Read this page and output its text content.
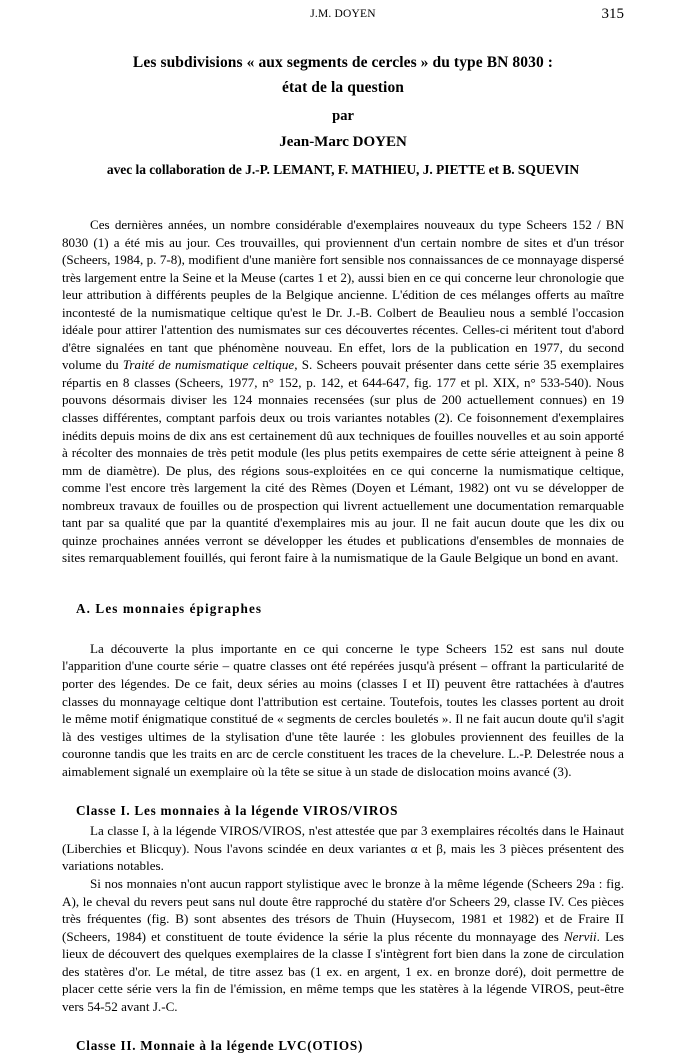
J.M. DOYEN	315
Les subdivisions « aux segments de cercles » du type BN 8030 :
état de la question
par
Jean-Marc DOYEN
avec la collaboration de J.-P. LEMANT, F. MATHIEU, J. PIETTE et B. SQUEVIN

Ces dernières années, un nombre considérable d'exemplaires nouveaux du type Scheers 152 / BN 8030 (1) a été mis au jour. Ces trouvailles, qui proviennent d'un certain nombre de sites et d'un trésor (Scheers, 1984, p. 7-8), modifient d'une manière fort sensible nos connaissances de ce monnayage dispersé très largement entre la Seine et la Meuse (cartes 1 et 2), aussi bien en ce qui concerne leur chronologie que leur attribution à différents peuples de la Belgique ancienne. L'édition de ces mélanges offerts au maître incontesté de la numismatique celtique qu'est le Dr. J.-B. Colbert de Beaulieu nous a semblé l'occasion idéale pour attirer l'attention des numismates sur ces découvertes récentes. Celles-ci méritent tout d'abord d'être signalées en tant que phénomène nouveau. En effet, lors de la publication en 1977, du second volume du Traité de numismatique celtique, S. Scheers pouvait présenter dans cette série 35 exemplaires répartis en 8 classes (Scheers, 1977, n° 152, p. 142, et 644-647, fig. 177 et pl. XIX, n° 533-540). Nous pouvons désormais diviser les 124 monnaies recensées (sur plus de 200 actuellement connues) en 19 classes différentes, comptant parfois deux ou trois variantes notables (2). Ce foisonnement d'exemplaires inédits depuis moins de dix ans est certainement dû aux techniques de fouilles nouvelles et au soin apporté à récolter des monnaies de très petit module (les plus petits exempaires de cette série atteignent à peine 8 mm de diamètre). De plus, des régions sous-exploitées en ce qui concerne la numismatique celtique, comme l'est encore très largement la cité des Rèmes (Doyen et Lémant, 1982) ont vu se développer de nombreux travaux de fouilles ou de prospection qui livrent actuellement une documentation remarquable tant par sa qualité que par la quantité d'exemplaires mis au jour. Il ne fait aucun doute que les dix ou quinze prochaines années verront se développer les études et publications d'ensembles de monnaies de sites remarquablement fouillés, qui feront faire à la numismatique de la Gaule Belgique un bond en avant.

A. Les monnaies épigraphes

La découverte la plus importante en ce qui concerne le type Scheers 152 est sans nul doute l'apparition d'une courte série – quatre classes ont été repérées jusqu'à présent – offrant la particularité de porter des légendes. De ce fait, deux séries au moins (classes I et II) peuvent être rattachées à d'autres classes du monnayage celtique dont l'attribution est certaine. Toutefois, toutes les classes portent au droit le même motif énigmatique constitué de « segments de cercles bouletés ». Il ne fait aucun doute qu'il s'agit là des vestiges ultimes de la stylisation d'une tête laurée : les globules proviennent des feuilles de la couronne tandis que les traits en arc de cercle constituent les traces de la chevelure. L.-P. Delestrée nous a aimablement signalé un exemplaire où la tête se situe à un stade de dislocation moins avancé (3).

Classe I. Les monnaies à la légende VIROS/VIROS

La classe I, à la légende VIROS/VIROS, n'est attestée que par 3 exemplaires récoltés dans le Hainaut (Liberchies et Blicquy). Nous l'avons scindée en deux variantes α et β, mais les 3 pièces présentent des variations notables.

Si nos monnaies n'ont aucun rapport stylistique avec le bronze à la même légende (Scheers 29a : fig. A), le cheval du revers peut sans nul doute être rapproché du statère d'or Scheers 29, classe IV. Ces pièces très fréquentes (fig. B) sont absentes des trésors de Thuin (Huysecom, 1981 et 1982) et de Fraire II (Scheers, 1984) et constituent de toute évidence la série la plus récente du monnayage des Nervii. Les lieux de découvert des quelques exemplaires de la classe I s'intègrent fort bien dans la zone de circulation des statères d'or. Le métal, de titre assez bas (1 ex. en argent, 1 ex. en bronze doré), doit permettre de placer cette série vers la fin de l'émission, en même temps que les statères à la légende VIROS, peut-être vers 54-52 avant J.-C.

Classe II. Monnaie à la légende LVC(OTIOS)
